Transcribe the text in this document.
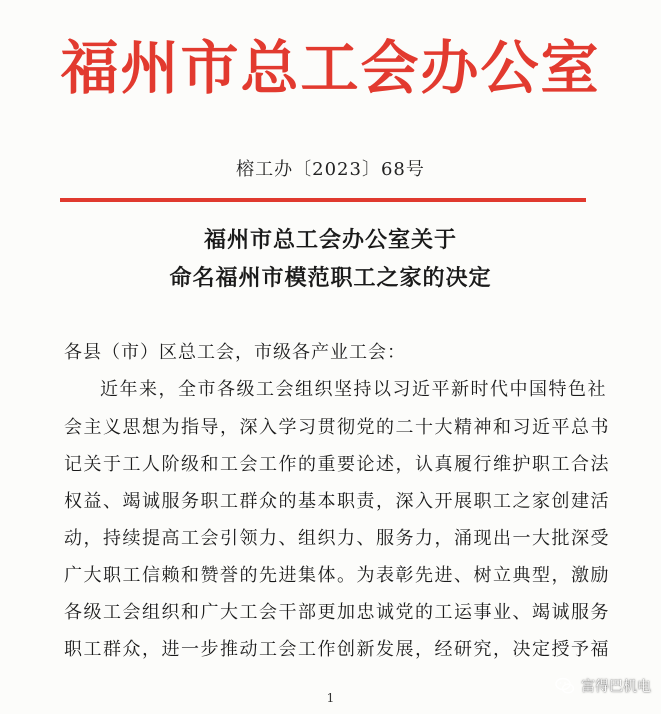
福州市总工会办公室
榕工办〔2023〕68号
福州市总工会办公室关于
命名福州市模范职工之家的决定
各县（市）区总工会，市级各产业工会：
近年来，全市各级工会组织坚持以习近平新时代中国特色社
会主义思想为指导，深入学习贯彻党的二十大精神和习近平总书
记关于工人阶级和工会工作的重要论述，认真履行维护职工合法
权益、竭诚服务职工群众的基本职责，深入开展职工之家创建活
动，持续提高工会引领力、组织力、服务力，涌现出一大批深受
广大职工信赖和赞誉的先进集体。为表彰先进、树立典型，激励
各级工会组织和广大工会干部更加忠诚党的工运事业、竭诚服务
职工群众，进一步推动工会工作创新发展，经研究，决定授予福
1
富得巴机电
